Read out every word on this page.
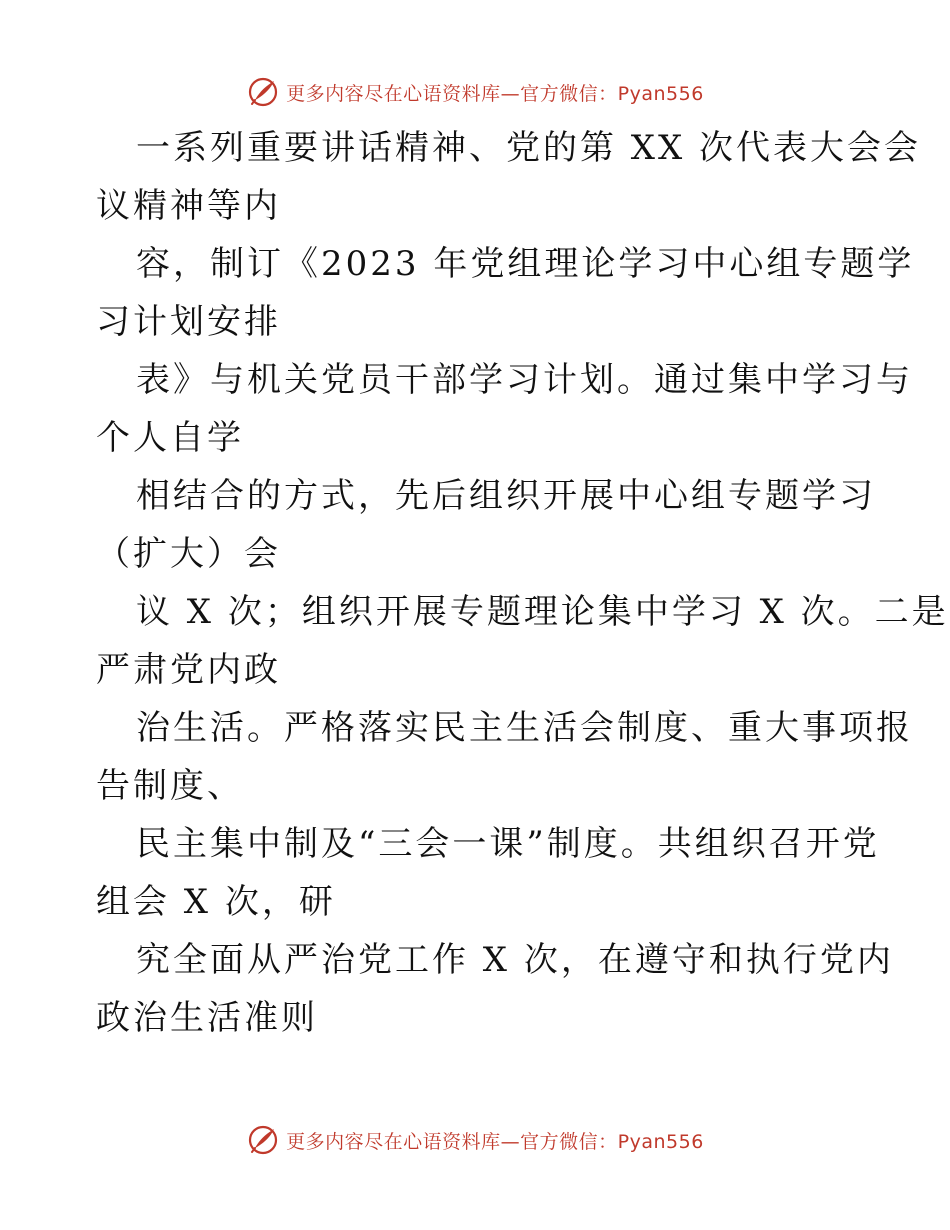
更多内容尽在心语资料库—官方微信：Pyan556
一系列重要讲话精神、党的第 XX 次代表大会会
议精神等内
容，制订《2023 年党组理论学习中心组专题学
习计划安排
表》与机关党员干部学习计划。通过集中学习与
个人自学
相结合的方式，先后组织开展中心组专题学习
（扩大）会
议 X 次；组织开展专题理论集中学习 X 次。二是
严肃党内政
治生活。严格落实民主生活会制度、重大事项报
告制度、
民主集中制及“三会一课”制度。共组织召开党
组会 X 次，研
究全面从严治党工作 X 次，在遵守和执行党内
政治生活准则
更多内容尽在心语资料库—官方微信：Pyan556
